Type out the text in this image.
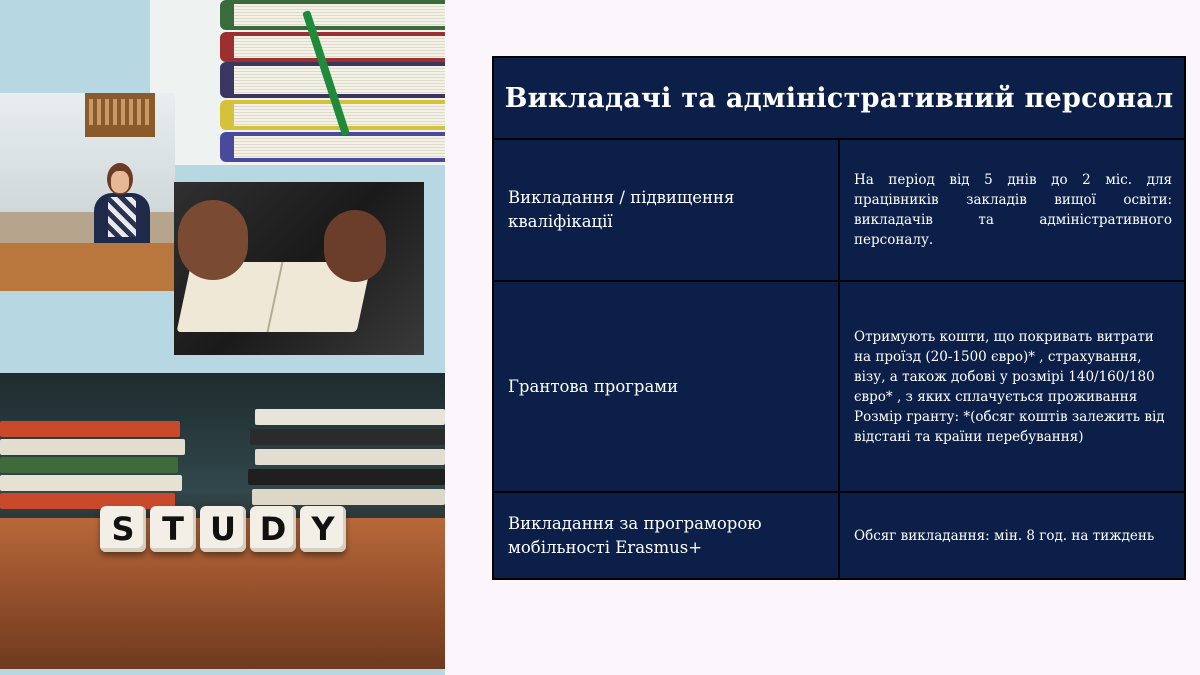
S T U D Y
Викладачі та адміністративний персонал	
Викладання / підвищення кваліфікації	На період від 5 днів до 2 міс. для працівників закладів вищої освіти: викладачів та адміністративного персоналу.
Грантова програми	Отримують кошти, що покривать витрати на проїзд (20-1500 євро)* , страхування, візу, а також добові у розмірі 140/160/180 євро* , з яких сплачується проживання Розмір гранту: *(обсяг коштів залежить від відстані та країни перебування)
Викладання за програморою мобільності Erasmus+	Обсяг викладання: мін. 8 год. на тиждень
